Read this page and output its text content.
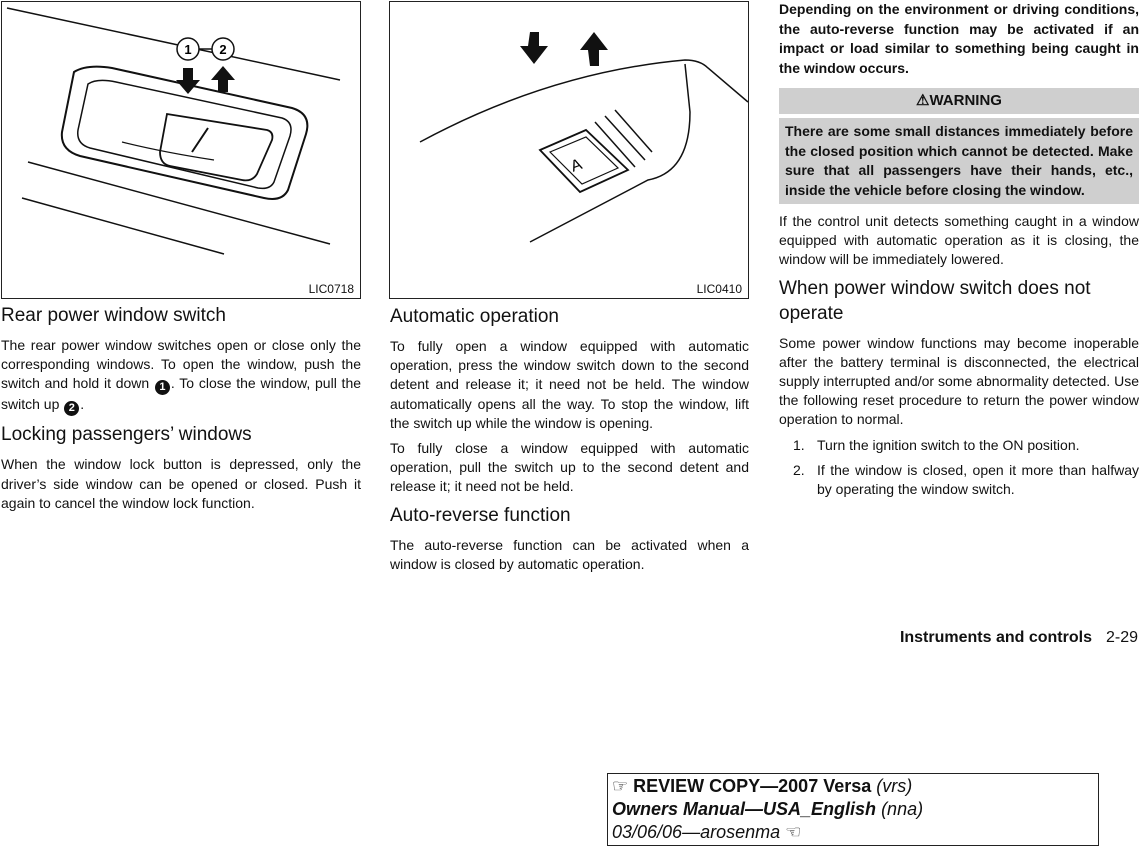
1 2
LIC0718
A
LIC0410
Rear power window switch

The rear power window switches open or close only the corresponding windows. To open the window, push the switch and hold it down 1 . To close the window, pull the switch up 2 .

Locking passengers’ windows

When the window lock button is depressed, only the driver’s side window can be opened or closed. Push it again to cancel the window lock function.

Automatic operation

To fully open a window equipped with automatic operation, press the window switch down to the second detent and release it; it need not be held. The window automatically opens all the way. To stop the window, lift the switch up while the window is opening.

To fully close a window equipped with automatic operation, pull the switch up to the second detent and release it; it need not be held.

Auto-reverse function

The auto-reverse function can be activated when a window is closed by automatic operation.

Depending on the environment or driving conditions, the auto-reverse function may be activated if an impact or load similar to something being caught in the window occurs.

⚠WARNING
There are some small distances immediately before the closed position which cannot be detected. Make sure that all passengers have their hands, etc., inside the vehicle before closing the window.

If the control unit detects something caught in a window equipped with automatic operation as it is closing, the window will be immediately lowered.

When power window switch does not operate

Some power window functions may become inoperable after the battery terminal is disconnected, the electrical supply interrupted and/or some abnormality detected. Use the following reset procedure to return the power window operation to normal.

1. Turn the ignition switch to the ON position.
2. If the window is closed, open it more than halfway by operating the window switch.
Instruments and controls 2-29
☞ REVIEW COPY—2007 Versa (vrs)
Owners Manual—USA_English (nna)
03/06/06—arosenma ☜
